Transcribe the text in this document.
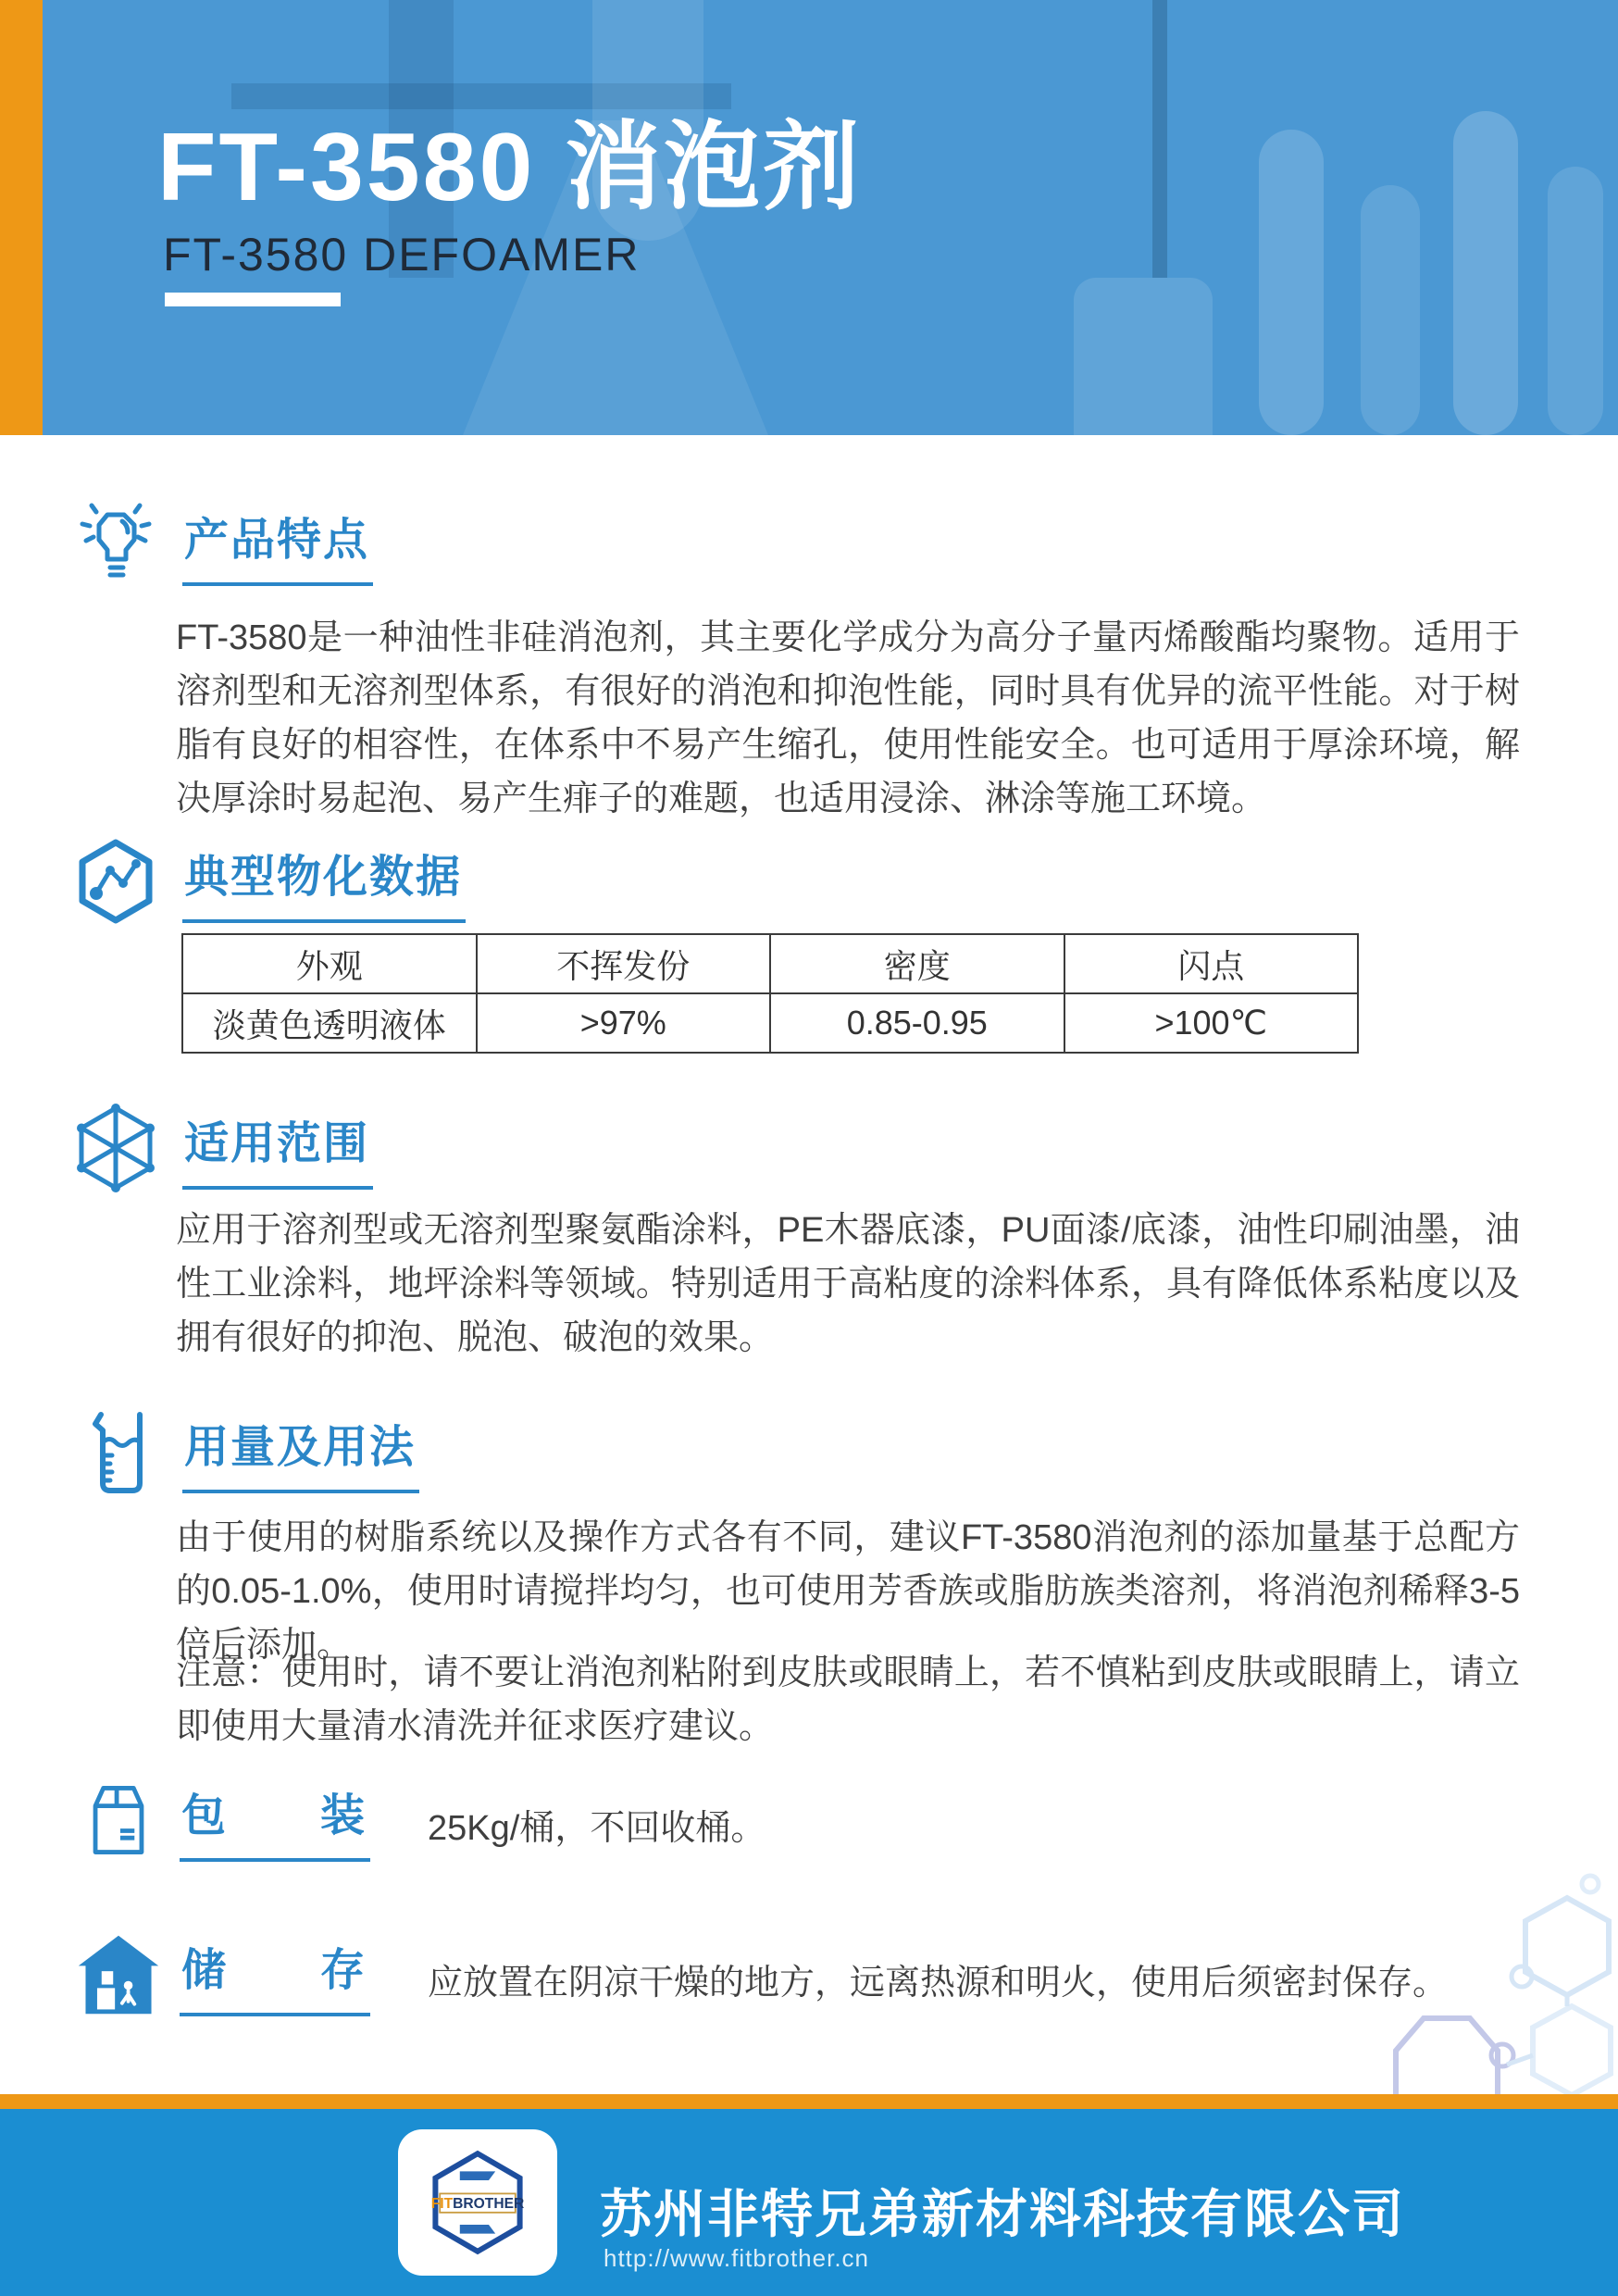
FT-3580 消泡剂
FT-3580 DEFOAMER
产品特点

FT-3580是一种油性非硅消泡剂，其主要化学成分为高分子量丙烯酸酯均聚物。适用于溶剂型和无溶剂型体系，有很好的消泡和抑泡性能，同时具有优异的流平性能。对于树脂有良好的相容性，在体系中不易产生缩孔，使用性能安全。也可适用于厚涂环境，解决厚涂时易起泡、易产生痱子的难题，也适用浸涂、淋涂等施工环境。

典型物化数据
外观	不挥发份	密度	闪点
淡黄色透明液体	>97%	0.85-0.95	>100℃
适用范围

应用于溶剂型或无溶剂型聚氨酯涂料，PE木器底漆，PU面漆/底漆，油性印刷油墨，油性工业涂料，地坪涂料等领域。特别适用于高粘度的涂料体系，具有降低体系粘度以及拥有很好的抑泡、脱泡、破泡的效果。

用量及用法

由于使用的树脂系统以及操作方式各有不同，建议FT-3580消泡剂的添加量基于总配方的0.05-1.0%，使用时请搅拌均匀，也可使用芳香族或脂肪族类溶剂，将消泡剂稀释3-5倍后添加。

注意：使用时，请不要让消泡剂粘附到皮肤或眼睛上，若不慎粘到皮肤或眼睛上，请立即使用大量清水清洗并征求医疗建议。

包　　装 25Kg/桶，不回收桶。
储　　存 应放置在阴凉干燥的地方，远离热源和明火，使用后须密封保存。
FITBROTHER 苏州非特兄弟新材料科技有限公司
http://www.fitbrother.cn
